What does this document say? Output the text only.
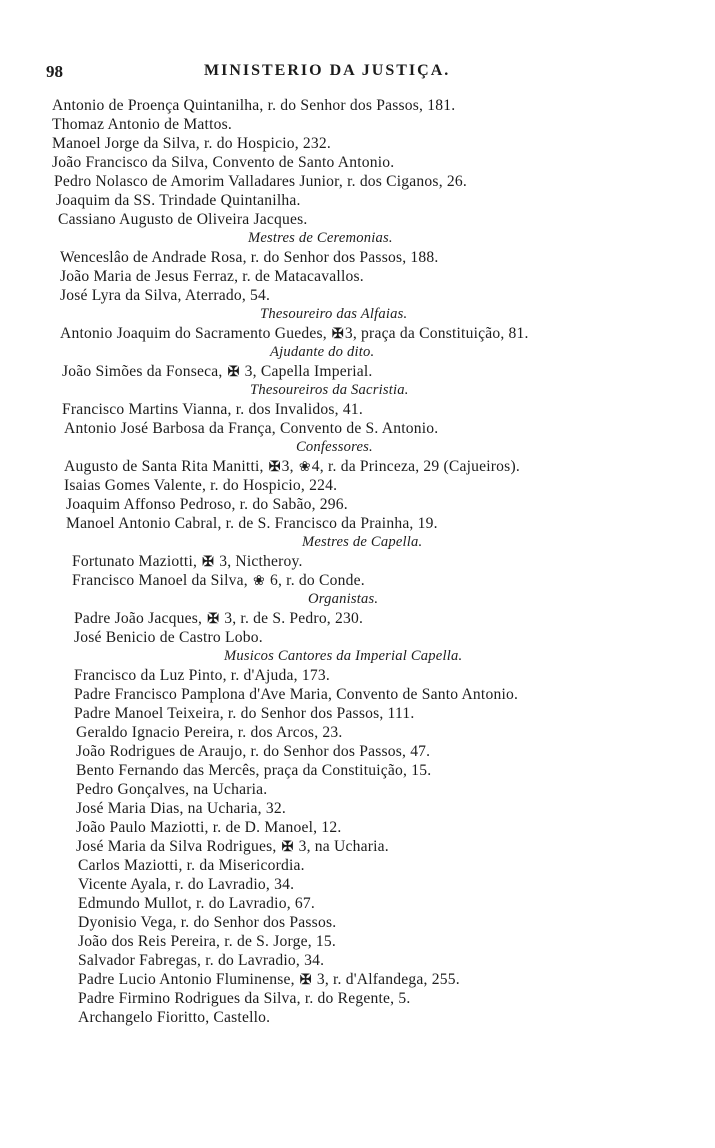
98	MINISTERIO DA JUSTIÇA.
Antonio de Proença Quintanilha, r. do Senhor dos Passos, 181.
Thomaz Antonio de Mattos.
Manoel Jorge da Silva, r. do Hospicio, 232.
João Francisco da Silva, Convento de Santo Antonio.
Pedro Nolasco de Amorim Valladares Junior, r. dos Ciganos, 26.
Joaquim da SS. Trindade Quintanilha.
Cassiano Augusto de Oliveira Jacques.
Mestres de Ceremonias.
Wenceslâo de Andrade Rosa, r. do Senhor dos Passos, 188.
João Maria de Jesus Ferraz, r. de Matacavallos.
José Lyra da Silva, Aterrado, 54.
Thesoureiro das Alfaias.
Antonio Joaquim do Sacramento Guedes, ✠3, praça da Constituição, 81.
Ajudante do dito.
João Simões da Fonseca, ✠ 3, Capella Imperial.
Thesoureiros da Sacristia.
Francisco Martins Vianna, r. dos Invalidos, 41.
Antonio José Barbosa da França, Convento de S. Antonio.
Confessores.
Augusto de Santa Rita Manitti, ✠3, ❀4, r. da Princeza, 29 (Cajueiros).
Isaias Gomes Valente, r. do Hospicio, 224.
Joaquim Affonso Pedroso, r. do Sabão, 296.
Manoel Antonio Cabral, r. de S. Francisco da Prainha, 19.
Mestres de Capella.
Fortunato Maziotti, ✠ 3, Nictheroy.
Francisco Manoel da Silva, ❀ 6, r. do Conde.
Organistas.
Padre João Jacques, ✠ 3, r. de S. Pedro, 230.
José Benicio de Castro Lobo.
Musicos Cantores da Imperial Capella.
Francisco da Luz Pinto, r. d'Ajuda, 173.
Padre Francisco Pamplona d'Ave Maria, Convento de Santo Antonio.
Padre Manoel Teixeira, r. do Senhor dos Passos, 111.
Geraldo Ignacio Pereira, r. dos Arcos, 23.
João Rodrigues de Araujo, r. do Senhor dos Passos, 47.
Bento Fernando das Mercês, praça da Constituição, 15.
Pedro Gonçalves, na Ucharia.
José Maria Dias, na Ucharia, 32.
João Paulo Maziotti, r. de D. Manoel, 12.
José Maria da Silva Rodrigues, ✠ 3, na Ucharia.
Carlos Maziotti, r. da Misericordia.
Vicente Ayala, r. do Lavradio, 34.
Edmundo Mullot, r. do Lavradio, 67.
Dyonisio Vega, r. do Senhor dos Passos.
João dos Reis Pereira, r. de S. Jorge, 15.
Salvador Fabregas, r. do Lavradio, 34.
Padre Lucio Antonio Fluminense, ✠ 3, r. d'Alfandega, 255.
Padre Firmino Rodrigues da Silva, r. do Regente, 5.
Archangelo Fioritto, Castello.
